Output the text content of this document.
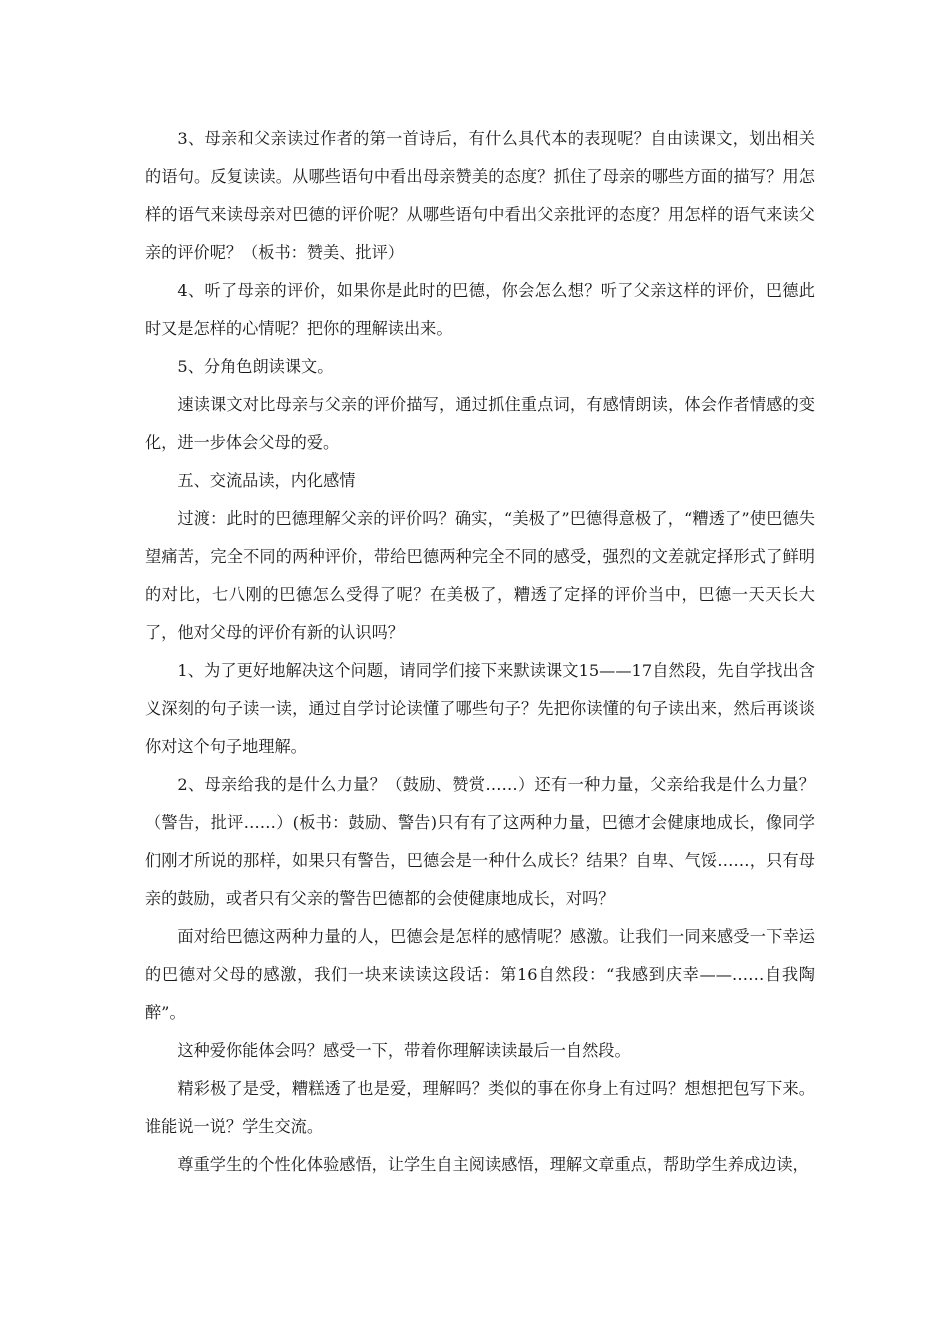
3、母亲和父亲读过作者的第一首诗后，有什么具代本的表现呢？自由读课文，划出相关的语句。反复读读。从哪些语句中看出母亲赞美的态度？抓住了母亲的哪些方面的描写？用怎样的语气来读母亲对巴德的评价呢？从哪些语句中看出父亲批评的态度？用怎样的语气来读父亲的评价呢？（板书：赞美、批评）

4、听了母亲的评价，如果你是此时的巴德，你会怎么想？听了父亲这样的评价，巴德此时又是怎样的心情呢？把你的理解读出来。

5、分角色朗读课文。

速读课文对比母亲与父亲的评价描写，通过抓住重点词，有感情朗读，体会作者情感的变化，进一步体会父母的爱。

五、交流品读，内化感情

过渡：此时的巴德理解父亲的评价吗？确实，“美极了”巴德得意极了，“糟透了”使巴德失望痛苦，完全不同的两种评价，带给巴德两种完全不同的感受，强烈的文差就定择形式了鲜明的对比，七八刚的巴德怎么受得了呢？在美极了，糟透了定择的评价当中，巴德一天天长大了，他对父母的评价有新的认识吗？

1、为了更好地解决这个问题，请同学们接下来默读课文15——17自然段，先自学找出含义深刻的句子读一读，通过自学讨论读懂了哪些句子？先把你读懂的句子读出来，然后再谈谈你对这个句子地理解。

2、母亲给我的是什么力量？（鼓励、赞赏……）还有一种力量，父亲给我是什么力量？（警告，批评……）(板书：鼓励、警告)只有有了这两种力量，巴德才会健康地成长，像同学们刚才所说的那样，如果只有警告，巴德会是一种什么成长？结果？自卑、气馁……，只有母亲的鼓励，或者只有父亲的警告巴德都的会使健康地成长，对吗？

面对给巴德这两种力量的人，巴德会是怎样的感情呢？感激。让我们一同来感受一下幸运的巴德对父母的感激，我们一块来读读这段话：第16自然段：“我感到庆幸——……自我陶醉”。

这种爱你能体会吗？感受一下，带着你理解读读最后一自然段。

精彩极了是受，糟糕透了也是爱，理解吗？类似的事在你身上有过吗？想想把包写下来。谁能说一说？学生交流。

尊重学生的个性化体验感悟，让学生自主阅读感悟，理解文章重点，帮助学生养成边读，
